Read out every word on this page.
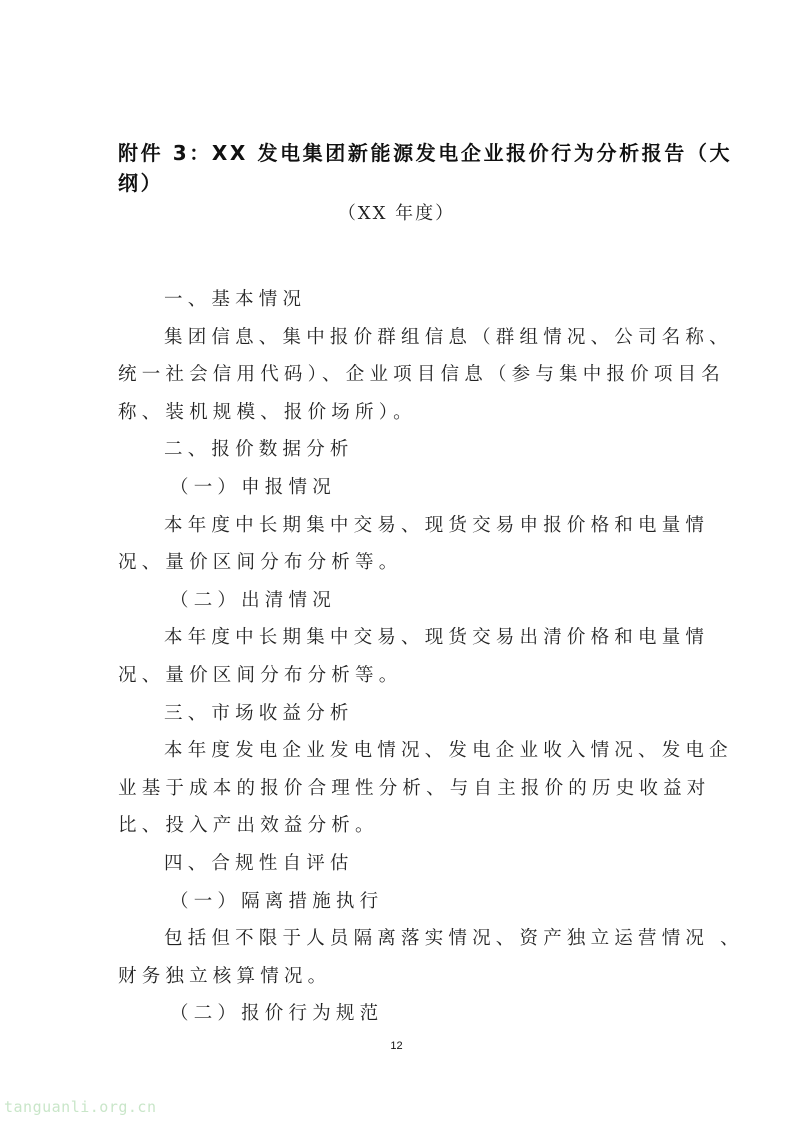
附件 3：XX 发电集团新能源发电企业报价行为分析报告（大
纲）
（XX 年度）
一、基本情况
集团信息、集中报价群组信息（群组情况、公司名称、
统一社会信用代码）、企业项目信息（参与集中报价项目名
称、装机规模、报价场所）。
二、报价数据分析
（一）申报情况
本年度中长期集中交易、现货交易申报价格和电量情
况、量价区间分布分析等。
（二）出清情况
本年度中长期集中交易、现货交易出清价格和电量情
况、量价区间分布分析等。
三、市场收益分析
本年度发电企业发电情况、发电企业收入情况、发电企
业基于成本的报价合理性分析、与自主报价的历史收益对
比、投入产出效益分析。
四、合规性自评估
（一）隔离措施执行
包括但不限于人员隔离落实情况、资产独立运营情况 、
财务独立核算情况。
（二）报价行为规范
12
tanguanli.org.cn
